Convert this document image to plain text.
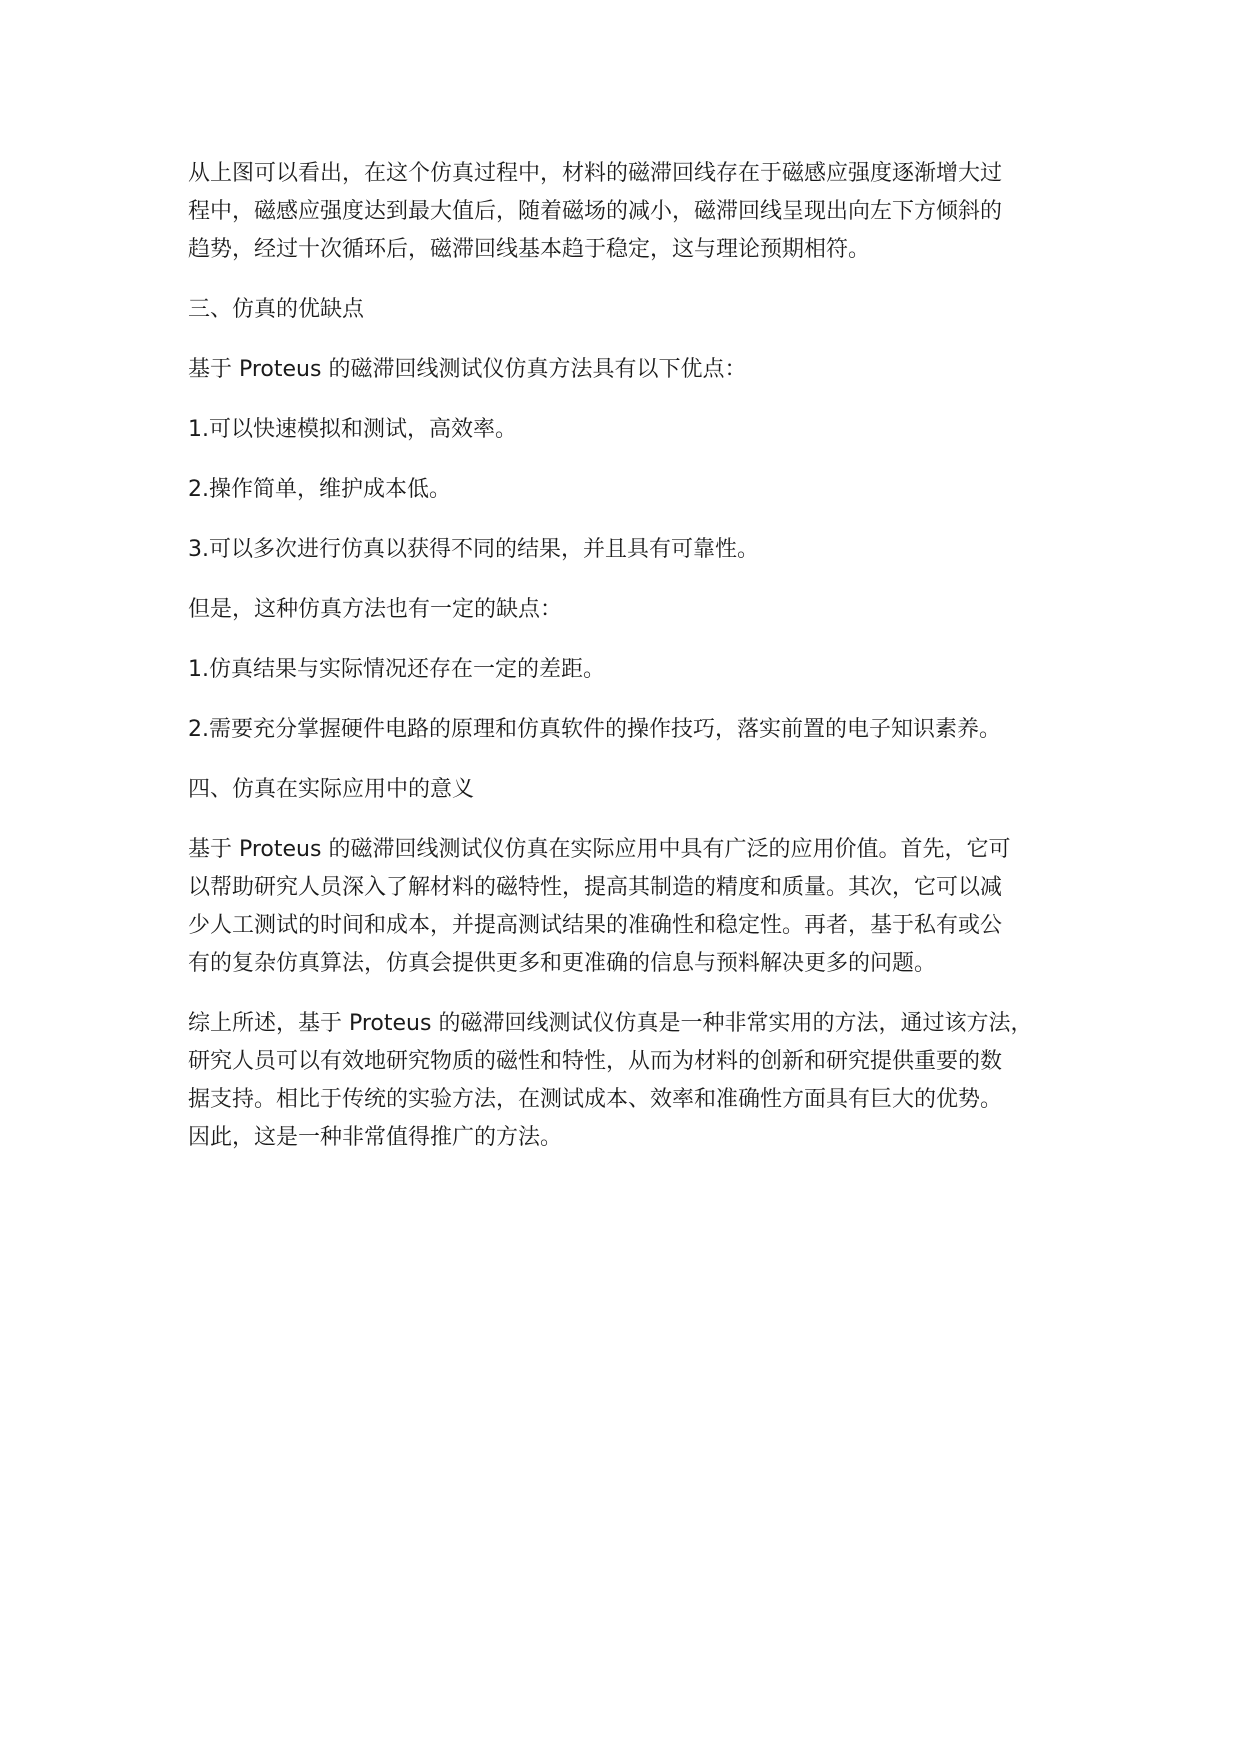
从上图可以看出，在这个仿真过程中，材料的磁滞回线存在于磁感应强度逐渐增大过
程中，磁感应强度达到最大值后，随着磁场的减小，磁滞回线呈现出向左下方倾斜的
趋势，经过十次循环后，磁滞回线基本趋于稳定，这与理论预期相符。

三、仿真的优缺点

基于 Proteus 的磁滞回线测试仪仿真方法具有以下优点：

1.可以快速模拟和测试，高效率。

2.操作简单，维护成本低。

3.可以多次进行仿真以获得不同的结果，并且具有可靠性。

但是，这种仿真方法也有一定的缺点：

1.仿真结果与实际情况还存在一定的差距。

2.需要充分掌握硬件电路的原理和仿真软件的操作技巧，落实前置的电子知识素养。

四、仿真在实际应用中的意义

基于 Proteus 的磁滞回线测试仪仿真在实际应用中具有广泛的应用价值。首先，它可
以帮助研究人员深入了解材料的磁特性，提高其制造的精度和质量。其次，它可以减
少人工测试的时间和成本，并提高测试结果的准确性和稳定性。再者，基于私有或公
有的复杂仿真算法，仿真会提供更多和更准确的信息与预料解决更多的问题。

综上所述，基于 Proteus 的磁滞回线测试仪仿真是一种非常实用的方法，通过该方法，
研究人员可以有效地研究物质的磁性和特性，从而为材料的创新和研究提供重要的数
据支持。相比于传统的实验方法，在测试成本、效率和准确性方面具有巨大的优势。
因此，这是一种非常值得推广的方法。
